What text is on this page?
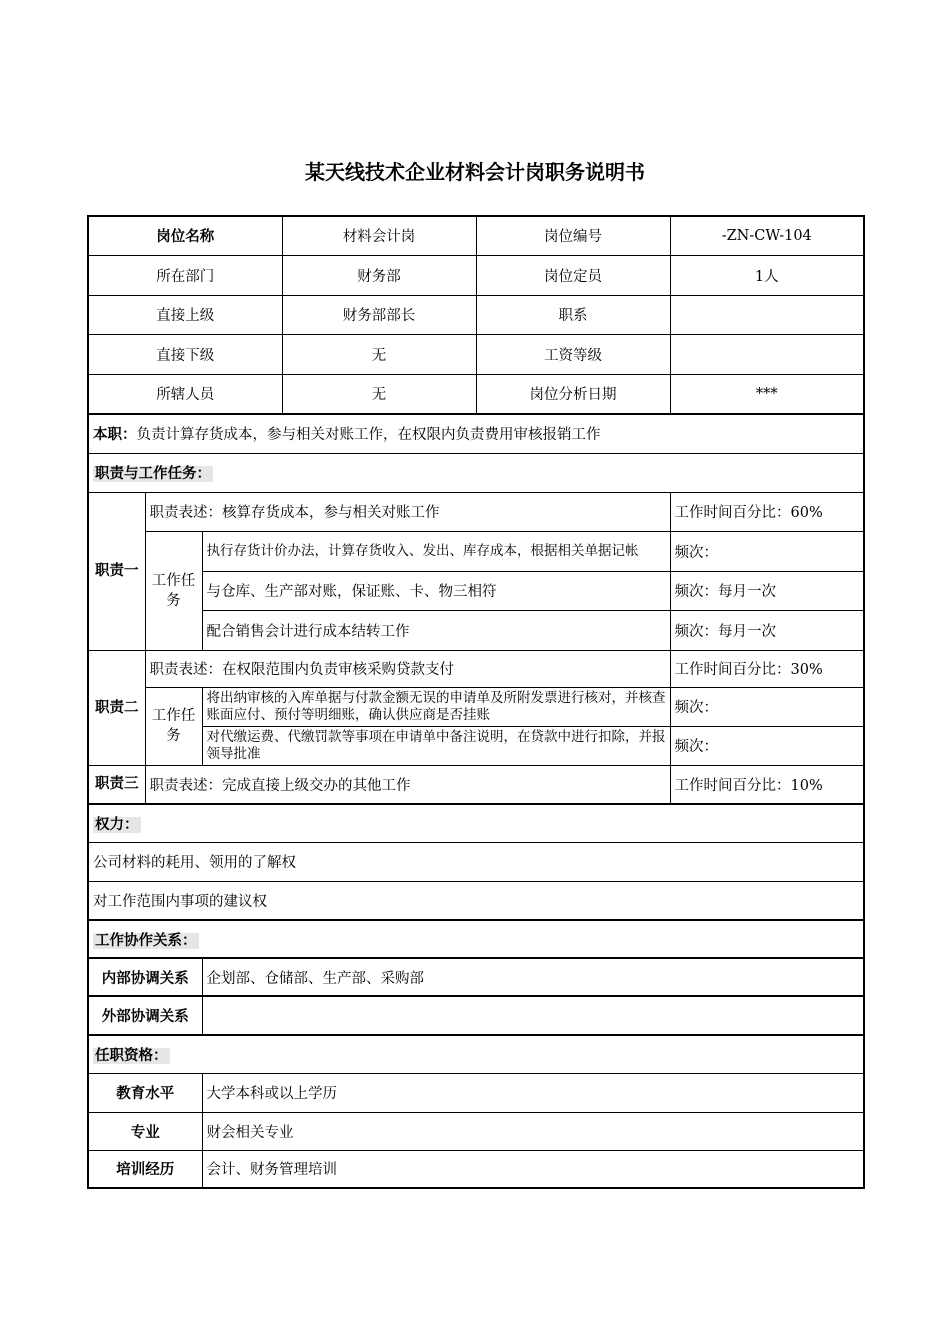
某天线技术企业材料会计岗职务说明书
岗位名称			材料会计岗	岗位编号	-ZN-CW-104
所在部门			财务部	岗位定员	1人
直接上级			财务部部长	职系	
直接下级			无	工资等级	
所辖人员			无	岗位分析日期	***
本职：负责计算存货成本，参与相关对账工作，在权限内负责费用审核报销工作					
职责与工作任务：					
职责一	职责表述：核算存货成本，参与相关对账工作				工作时间百分比：60%
	工作任务	执行存货计价办法，计算存货收入、发出、库存成本，根据相关单据记帐			频次：
		与仓库、生产部对账，保证账、卡、物三相符			频次：每月一次
		配合销售会计进行成本结转工作			频次：每月一次
职责二	职责表述：在权限范围内负责审核采购贷款支付				工作时间百分比：30%
	工作任务	将出纳审核的入库单据与付款金额无误的申请单及所附发票进行核对，并核查账面应付、预付等明细账，确认供应商是否挂账			频次：
		对代缴运费、代缴罚款等事项在申请单中备注说明，在贷款中进行扣除，并报领导批准			频次：
职责三	职责表述：完成直接上级交办的其他工作				工作时间百分比：10%
权力：					
公司材料的耗用、领用的了解权					
对工作范围内事项的建议权					
工作协作关系：					
内部协调关系		企划部、仓储部、生产部、采购部			
外部协调关系					
任职资格：					
教育水平		大学本科或以上学历			
专业		财会相关专业			
培训经历		会计、财务管理培训			
